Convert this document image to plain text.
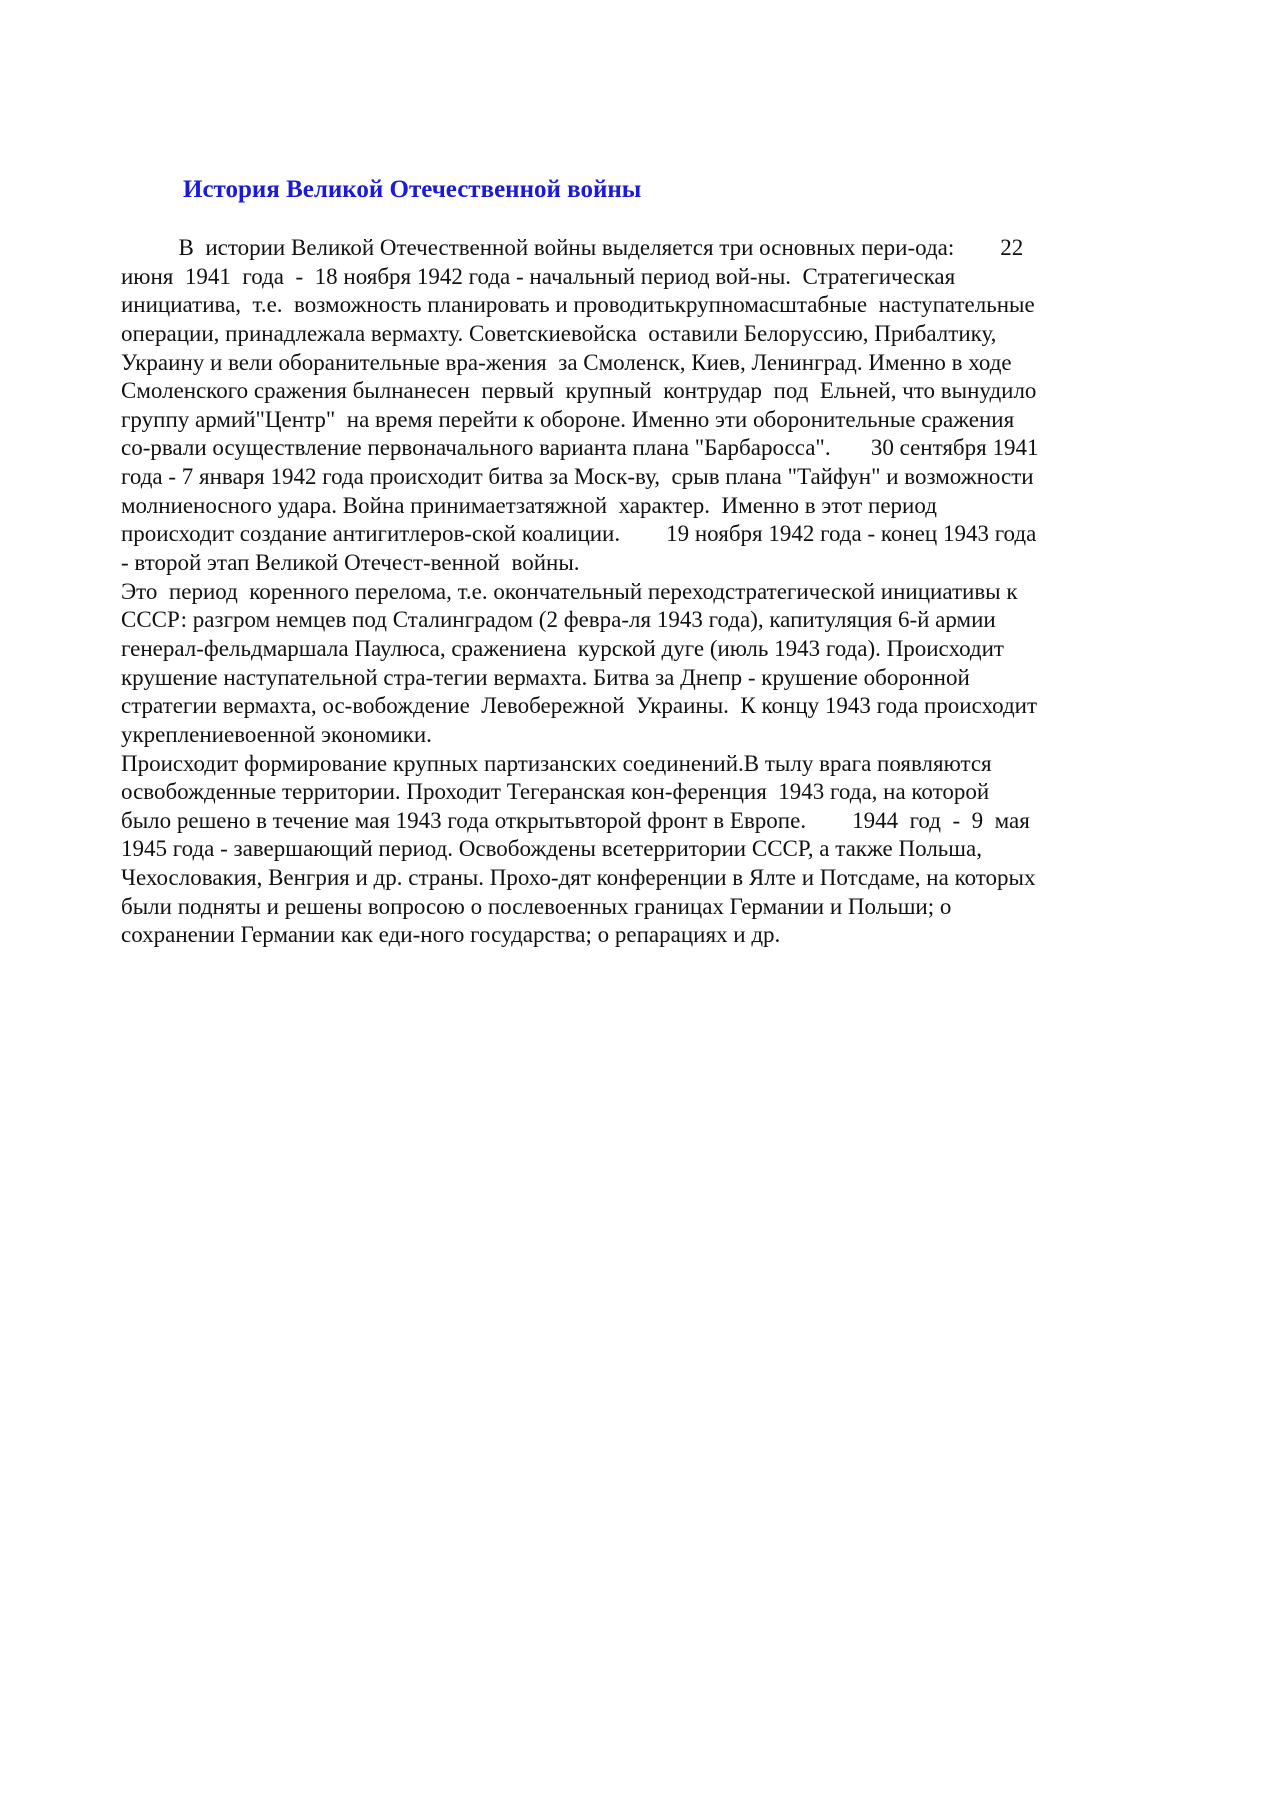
История Великой Отечественной войны
В  истории Великой Отечественной войны выделяется три основных пери-ода:        22
июня  1941  года  -  18 ноября 1942 года - начальный период вой-ны.  Стратегическая
инициатива,  т.е.  возможность планировать и проводитькрупномасштабные  наступательные
операции, принадлежала вермахту. Советскиевойска  оставили Белоруссию, Прибалтику,
Украину и вели оборанительные вра-жения  за Смоленск, Киев, Ленинград. Именно в ходе
Смоленского сражения былнанесен  первый  крупный  контрудар  под  Ельней, что вынудило
группу армий"Центр"  на время перейти к обороне. Именно эти оборонительные сражения
со-рвали осуществление первоначального варианта плана "Барбаросса".       30 сентября 1941
года - 7 января 1942 года происходит битва за Моск-ву,  срыв плана "Тайфун" и возможности
молниеносного удара. Война принимаетзатяжной  характер.  Именно в этот период
происходит создание антигитлеров-ской коалиции.        19 ноября 1942 года - конец 1943 года
- второй этап Великой Отечест-венной  войны.
Это  период  коренного перелома, т.е. окончательный переходстратегической инициативы к
СССР: разгром немцев под Сталинградом (2 февра-ля 1943 года), капитуляция 6-й армии
генерал-фельдмаршала Паулюса, сражениена  курской дуге (июль 1943 года). Происходит
крушение наступательной стра-тегии вермахта. Битва за Днепр - крушение оборонной
стратегии вермахта, ос-вобождение  Левобережной  Украины.  К концу 1943 года происходит
укреплениевоенной экономики.
Происходит формирование крупных партизанских соединений.В тылу врага появляются
освобожденные территории. Проходит Тегеранская кон-ференция  1943 года, на которой
было решено в течение мая 1943 года открытьвторой фронт в Европе.        1944  год  -  9  мая
1945 года - завершающий период. Освобождены всетерритории СССР, а также Польша,
Чехословакия, Венгрия и др. страны. Прохо-дят конференции в Ялте и Потсдаме, на которых
были подняты и решены вопросою о послевоенных границах Германии и Польши; о
сохранении Германии как еди-ного государства; о репарациях и др.
